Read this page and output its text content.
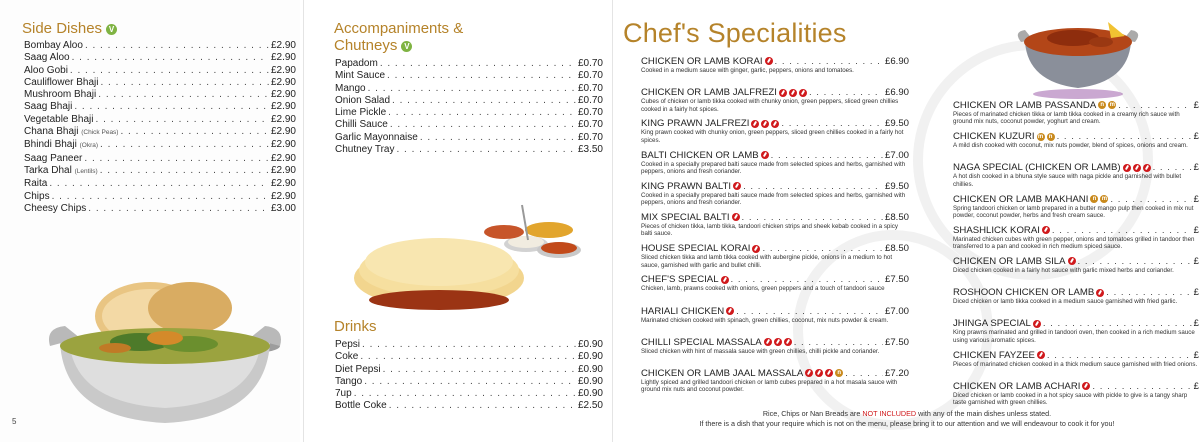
Side Dishes V
Bombay Aloo . . .	£2.90
Saag Aloo . . .	£2.90
Aloo Gobi . . .	£2.90
Cauliflower Bhaji . . .	£2.90
Mushroom Bhaji . . .	£2.90
Saag Bhaji . . .	£2.90
Vegetable Bhaji . . .	£2.90
Chana Bhaji (Chick Peas) . . .	£2.90
Bhindi Bhaji (Okra) . . .	£2.90
Saag Paneer . . .	£2.90
Tarka Dhal (Lentils) . . .	£2.90
Raita . . .	£2.90
Chips . . .	£2.90
Cheesy Chips . . .	£3.00
5
Accompaniments &
Chutneys V
Papadom . . .	£0.70
Mint Sauce . . .	£0.70
Mango . . .	£0.70
Onion Salad . . .	£0.70
Lime Pickle . . .	£0.70
Chilli Sauce . . .	£0.70
Garlic Mayonnaise . . .	£0.70
Chutney Tray . . .	£3.50
Drinks
Pepsi . . .	£0.90
Coke . . .	£0.90
Diet Pepsi . . .	£0.90
Tango . . .	£0.90
7up . . .	£0.90
Bottle Coke . . .	£2.50
Chef's Specialities
CHICKEN OR LAMB KORAI . . .	£6.90
Cooked in a medium sauce with ginger, garlic, peppers, onions and tomatoes.
CHICKEN OR LAMB JALFREZI . . .	£6.90
Cubes of chicken or lamb tikka cooked with chunky onion, green peppers, sliced green chillies cooked in a fairly hot spices.
KING PRAWN JALFREZI . . .	£9.50
King prawn cooked with chunky onion, green peppers, sliced green chillies cooked in a fairly hot spices.
BALTI CHICKEN OR LAMB . . .	£7.00
Cooked in a specially prepared balti sauce made from selected spices and herbs, garnished with peppers, onions and fresh coriander.
KING PRAWN BALTI . . .	£9.50
Cooked in a specially prepared balti sauce made from selected spices and herbs, garnished with peppers, onions and fresh coriander.
MIX SPECIAL BALTI . . .	£8.50
Pieces of chicken tikka, lamb tikka, tandoori chicken strips and sheek kebab cooked in a spicy balti sauce.
HOUSE SPECIAL KORAI . . .	£8.50
Sliced chicken tikka and lamb tikka cooked with aubergine pickle, onions in a medium to hot sauce, garnished with garlic and bullet chilli.
CHEF'S SPECIAL . . .	£7.50
Chicken, lamb, prawns cooked with onions, green peppers and a touch of tandoori sauce
HARIALI CHICKEN . . .	£7.00
Marinated chicken cooked with spinach, green chillies, coconut, mix nuts powder & cream.
CHILLI SPECIAL MASSALA . . .	£7.50
Sliced chicken with hint of massala sauce with green chillies, chilli pickle and coriander.
CHICKEN OR LAMB JAAL MASSALA	n . . .	£7.20
Lightly spiced and grilled tandoori chicken or lamb cubes prepared in a hot masala sauce with ground mix nuts and coconut powder.
CHICKEN OR LAMB PASSANDA n m . . .	£
Pieces of marinated chicken tikka or lamb tikka cooked in a creamy rich sauce with ground mix nuts, coconut powder, yoghurt and cream.
CHICKEN KUZURI m n . . .	£
A mild dish cooked with coconut, mix nuts powder, blend of spices, onions and cream.
NAGA SPECIAL (CHICKEN OR LAMB) . . .	£
A hot dish cooked in a bhuna style sauce with naga pickle and garnished with bullet chillies.
CHICKEN OR LAMB MAKHANI n m . . .	£
Spring tandoori chicken or lamb prepared in a butter mango pulp then cooked in mix nut powder, coconut powder, herbs and fresh cream sauce.
SHASHLICK KORAI . . .	£
Marinated chicken cubes with green pepper, onions and tomatoes grilled in tandoor then transferred to a pan and cooked in rich medium spiced sauce.
CHICKEN OR LAMB SILA . . .	£
Diced chicken cooked in a fairly hot sauce with garlic mixed herbs and coriander.
ROSHOON CHICKEN OR LAMB . . .	£
Diced chicken or lamb tikka cooked in a medium sauce garnished with fried garlic.
JHINGA SPECIAL . . .	£
King prawns marinated and grilled in tandoori oven, then cooked in a rich medium sauce using various aromatic spices.
CHICKEN FAYZEE . . .	£
Pieces of marinated chicken cooked in a thick medium sauce garnished with fried onions.
CHICKEN OR LAMB ACHARI . . .	£
Diced chicken or lamb cooked in a hot spicy sauce with pickle to give is a tangy sharp taste garnished with green chillies.
Rice, Chips or Nan Breads are NOT INCLUDED with any of the main dishes unless stated.
If there is a dish that your require which is not on the menu, please bring it to our attention and we will endeavour to cook it for you!
